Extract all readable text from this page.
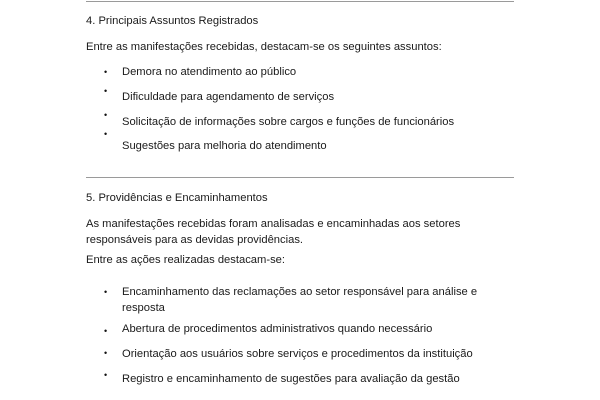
4. Principais Assuntos Registrados
Entre as manifestações recebidas, destacam-se os seguintes assuntos:
• Demora no atendimento ao público
• Dificuldade para agendamento de serviços
•
Solicitação de informações sobre cargos e funções de funcionários
•
Sugestões para melhoria do atendimento
5. Providências e Encaminhamentos
As manifestações recebidas foram analisadas e encaminhadas aos setores responsáveis para as devidas providências.
Entre as ações realizadas destacam-se:
• Encaminhamento das reclamações ao setor responsável para análise e resposta
• Abertura de procedimentos administrativos quando necessário
• Orientação aos usuários sobre serviços e procedimentos da instituição
• Registro e encaminhamento de sugestões para avaliação da gestão
